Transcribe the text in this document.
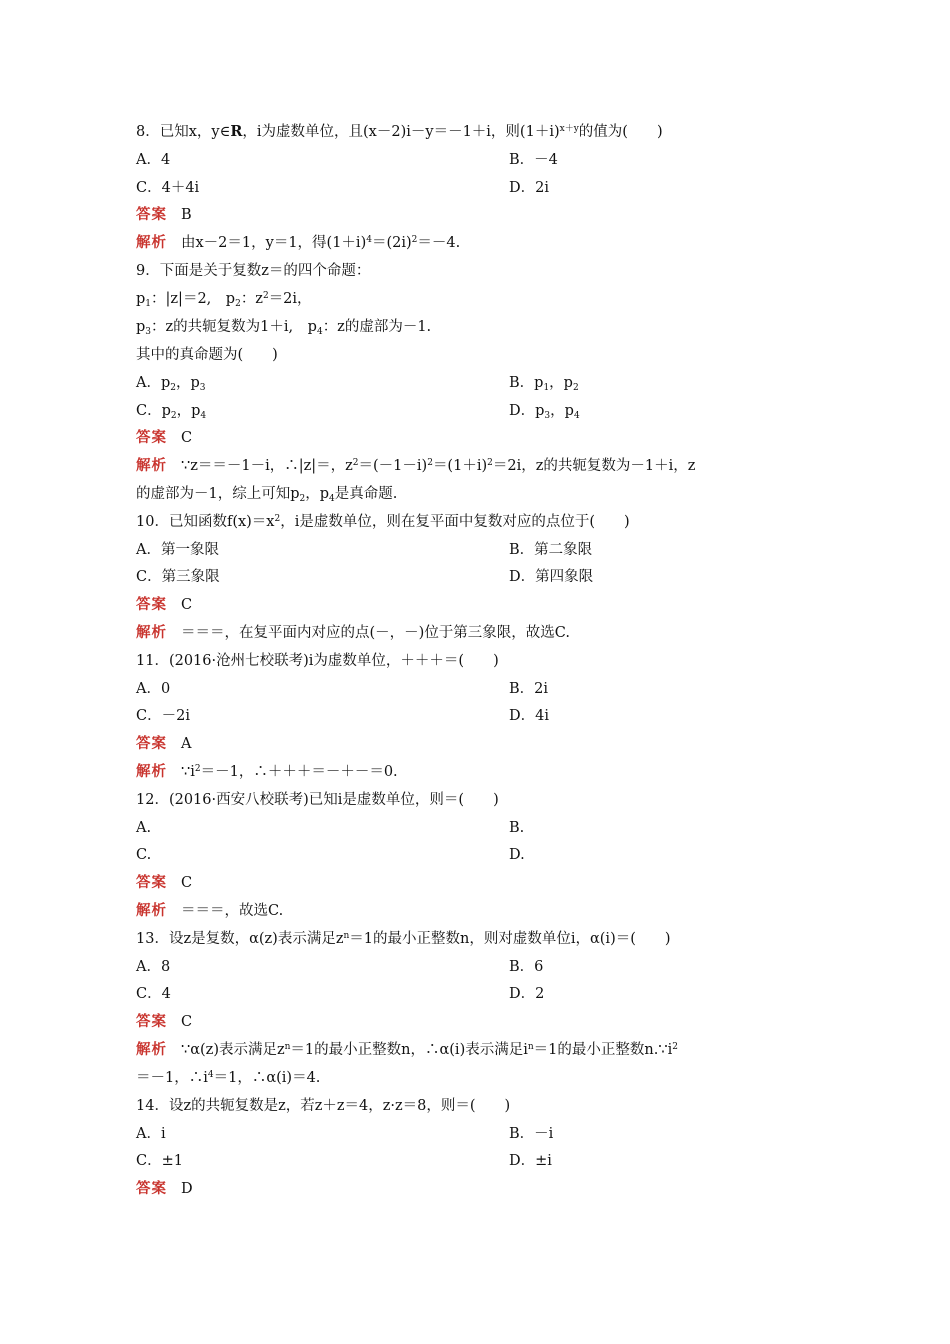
8．已知x，y∈R，i为虚数单位，且(x－2)i－y＝－1＋i，则$(1+i)^{x+y}$的值为(　　)
A．4	B．－4
C．4＋4i	D．2i
答案 B
解析 由x－2＝1，y＝1，得$(1+i)^4=(2i)^2=-4$.
9．下面是关于复数z＝的四个命题：
$p_1$：|z|＝2,　$p_2$：$z^2=2i$，
$p_3$：z的共轭复数为1＋i,　$p_4$：z的虚部为－1.
其中的真命题为(　　)
A．$p_2$，$p_3$	B．$p_1$，$p_2$
C．$p_2$，$p_4$	D．$p_3$，$p_4$
答案 C
解析 ∵z＝＝－1－i，∴|z|＝，$z^2=(-1-i)^2=(1+i)^2=2i$，z的共轭复数为－1＋i，z
的虚部为－1，综上可知$p_2$，$p_4$是真命题.
10．已知函数$f(x)=x^2$，i是虚数单位，则在复平面中复数对应的点位于(　　)
A．第一象限	B．第二象限
C．第三象限	D．第四象限
答案 C
解析 ＝＝＝，在复平面内对应的点(－，－)位于第三象限，故选C.
11．(2016·沧州七校联考)i为虚数单位，＋＋＋＝(　　)
A．0	B．2i
C．－2i	D．4i
答案 A
解析 $\because i^2=-1$，∴＋＋＋＝－＋－＝0.
12．(2016·西安八校联考)已知i是虚数单位，则＝(　　)
A.	B.
C.	D.
答案 C
解析 ＝＝＝，故选C.
13．设z是复数，α(z)表示满足$z^n=1$的最小正整数n，则对虚数单位i，α(i)＝(　　)
A．8	B．6
C．4	D．2
答案 C
解析 ∵α(z)表示满足$z^n=1$的最小正整数n，∴α(i)表示满足$i^n=1$的最小正整数$n.\because i^2$
＝－1，$\therefore i^4=1$，∴α(i)＝4.
14．设z的共轭复数是z，若z＋z＝4，z·z＝8，则＝(　　)
A．i	B．－i
C．±1	D．±i
答案 D
